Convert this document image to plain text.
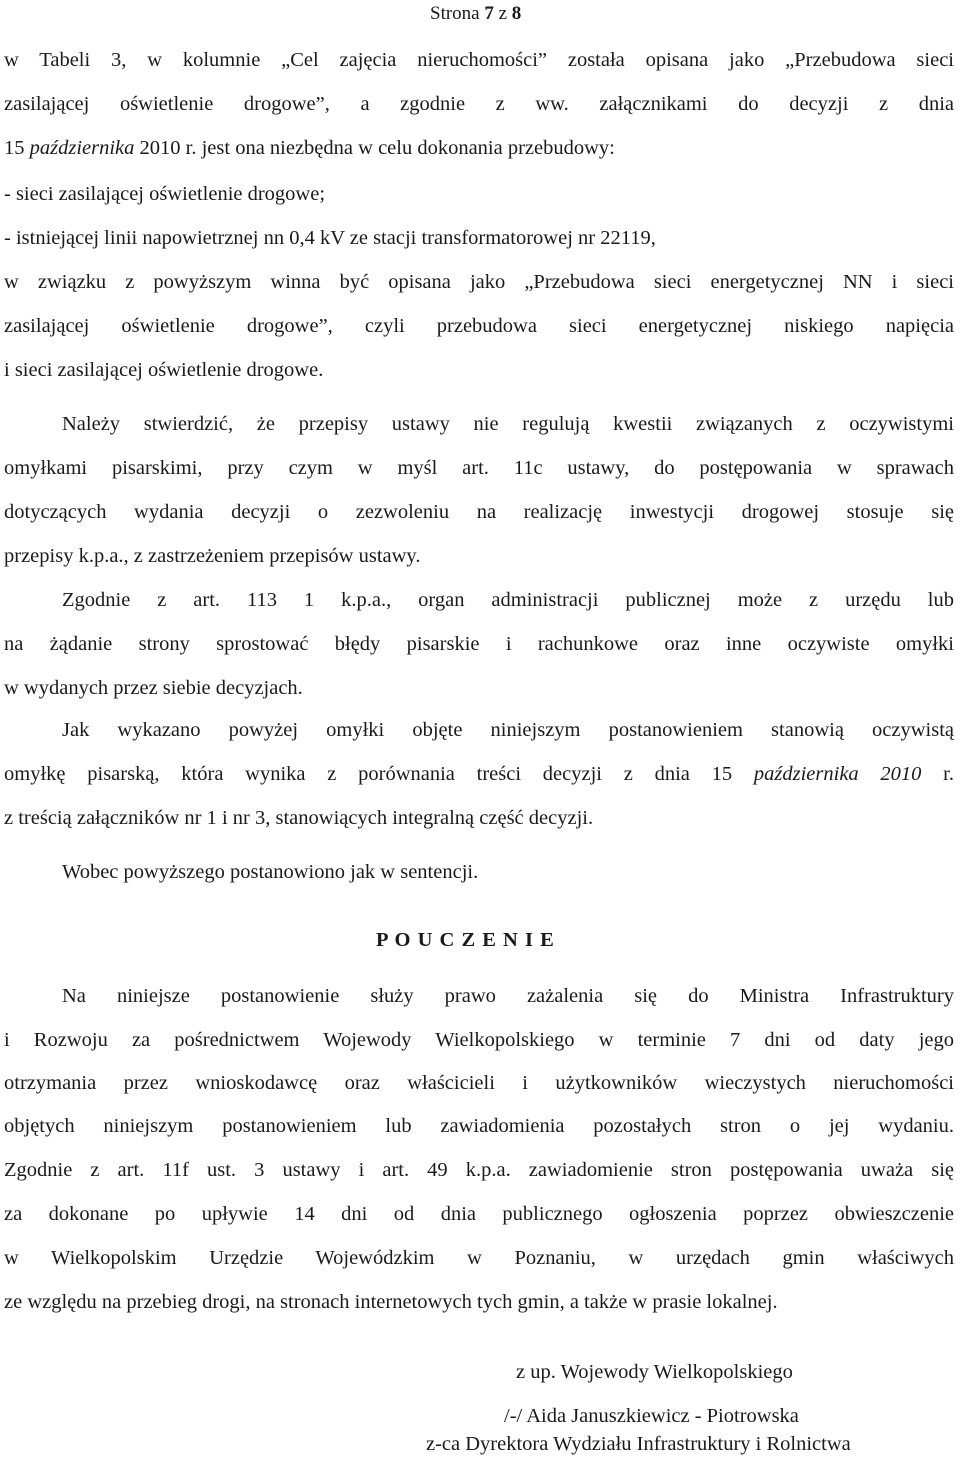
Strona 7 z 8
w Tabeli 3, w kolumnie „Cel zajęcia nieruchomości” została opisana jako „Przebudowa sieci
zasilającej oświetlenie drogowe”, a zgodnie z ww. załącznikami do decyzji z dnia
15 października 2010 r. jest ona niezbędna w celu dokonania przebudowy:
- sieci zasilającej oświetlenie drogowe;
- istniejącej linii napowietrznej nn 0,4 kV ze stacji transformatorowej nr 22119,
w związku z powyższym winna być opisana jako „Przebudowa sieci energetycznej NN i sieci
zasilającej oświetlenie drogowe”, czyli przebudowa sieci energetycznej niskiego napięcia
i sieci zasilającej oświetlenie drogowe.
Należy stwierdzić, że przepisy ustawy nie regulują kwestii związanych z oczywistymi
omyłkami pisarskimi, przy czym w myśl art. 11c ustawy, do postępowania w sprawach
dotyczących wydania decyzji o zezwoleniu na realizację inwestycji drogowej stosuje się
przepisy k.p.a., z zastrzeżeniem przepisów ustawy.
Zgodnie z art. 113 1 k.p.a., organ administracji publicznej może z urzędu lub
na żądanie strony sprostować błędy pisarskie i rachunkowe oraz inne oczywiste omyłki
w wydanych przez siebie decyzjach.
Jak wykazano powyżej omyłki objęte niniejszym postanowieniem stanowią oczywistą
omyłkę pisarską, która wynika z porównania treści decyzji z dnia 15 października 2010 r.
z treścią załączników nr 1 i nr 3, stanowiących integralną część decyzji.
Wobec powyższego postanowiono jak w sentencji.
P O U C Z E N I E
Na niniejsze postanowienie służy prawo zażalenia się do Ministra Infrastruktury
i Rozwoju za pośrednictwem Wojewody Wielkopolskiego w terminie 7 dni od daty jego
otrzymania przez wnioskodawcę oraz właścicieli i użytkowników wieczystych nieruchomości
objętych niniejszym postanowieniem lub zawiadomienia pozostałych stron o jej wydaniu.
Zgodnie z art. 11f ust. 3 ustawy i art. 49 k.p.a. zawiadomienie stron postępowania uważa się
za dokonane po upływie 14 dni od dnia publicznego ogłoszenia poprzez obwieszczenie
w Wielkopolskim Urzędzie Wojewódzkim w Poznaniu, w urzędach gmin właściwych
ze względu na przebieg drogi, na stronach internetowych tych gmin, a także w prasie lokalnej.
z up. Wojewody Wielkopolskiego
/-/ Aida Januszkiewicz - Piotrowska
z-ca Dyrektora Wydziału Infrastruktury i Rolnictwa
